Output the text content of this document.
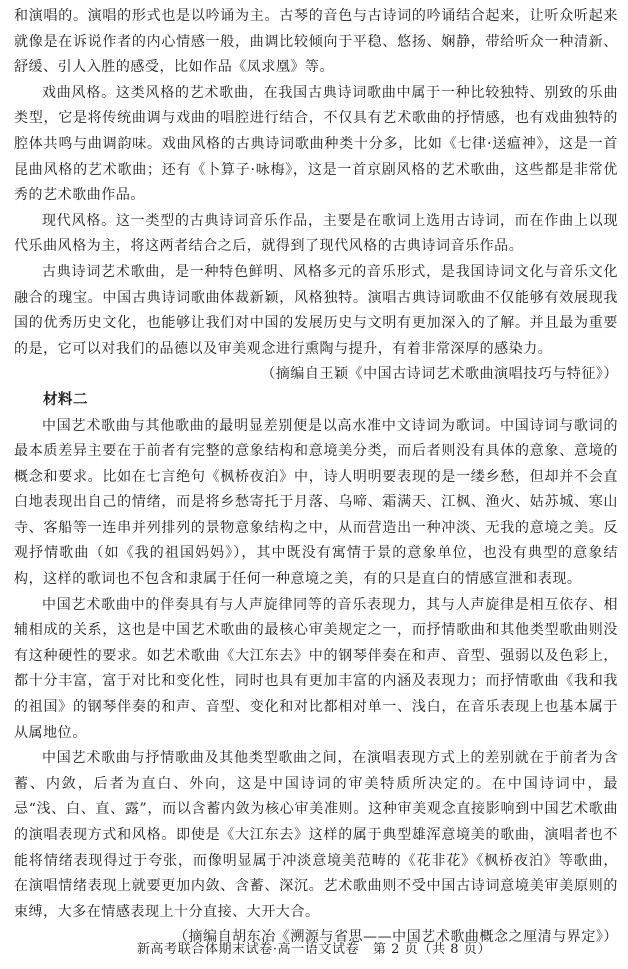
和演唱的。演唱的形式也是以吟诵为主。古琴的音色与古诗词的吟诵结合起来，让听众听起来就像是在诉说作者的内心情感一般，曲调比较倾向于平稳、悠扬、娴静，带给听众一种清新、舒缓、引人入胜的感受，比如作品《凤求凰》等。

戏曲风格。这类风格的艺术歌曲，在我国古典诗词歌曲中属于一种比较独特、别致的乐曲类型，它是将传统曲调与戏曲的唱腔进行结合，不仅具有艺术歌曲的抒情感，也有戏曲独特的腔体共鸣与曲调韵味。戏曲风格的古典诗词歌曲种类十分多，比如《七律·送瘟神》，这是一首昆曲风格的艺术歌曲；还有《卜算子·咏梅》，这是一首京剧风格的艺术歌曲，这些都是非常优秀的艺术歌曲作品。

现代风格。这一类型的古典诗词音乐作品，主要是在歌词上选用古诗词，而在作曲上以现代乐曲风格为主，将这两者结合之后，就得到了现代风格的古典诗词音乐作品。

古典诗词艺术歌曲，是一种特色鲜明、风格多元的音乐形式，是我国诗词文化与音乐文化融合的瑰宝。中国古典诗词歌曲体裁新颖，风格独特。演唱古典诗词歌曲不仅能够有效展现我国的优秀历史文化，也能够让我们对中国的发展历史与文明有更加深入的了解。并且最为重要的是，它可以对我们的品德以及审美观念进行熏陶与提升，有着非常深厚的感染力。

（摘编自王颖《中国古诗词艺术歌曲演唱技巧与特征》）

材料二

中国艺术歌曲与其他歌曲的最明显差别便是以高水准中文诗词为歌词。中国诗词与歌词的最本质差异主要在于前者有完整的意象结构和意境美分类，而后者则没有具体的意象、意境的概念和要求。比如在七言绝句《枫桥夜泊》中，诗人明明要表现的是一缕乡愁，但却并不会直白地表现出自己的情绪，而是将乡愁寄托于月落、乌啼、霜满天、江枫、渔火、姑苏城、寒山寺、客船等一连串并列排列的景物意象结构之中，从而营造出一种冲淡、无我的意境之美。反观抒情歌曲（如《我的祖国妈妈》），其中既没有寓情于景的意象单位，也没有典型的意象结构，这样的歌词也不包含和隶属于任何一种意境之美，有的只是直白的情感宣泄和表现。

中国艺术歌曲中的伴奏具有与人声旋律同等的音乐表现力，其与人声旋律是相互依存、相辅相成的关系，这也是中国艺术歌曲的最核心审美规定之一，而抒情歌曲和其他类型歌曲则没有这种硬性的要求。如艺术歌曲《大江东去》中的钢琴伴奏在和声、音型、强弱以及色彩上，都十分丰富，富于对比和变化性，同时也具有更加丰富的内涵及表现力；而抒情歌曲《我和我的祖国》的钢琴伴奏的和声、音型、变化和对比都相对单一、浅白，在音乐表现上也基本属于从属地位。

中国艺术歌曲与抒情歌曲及其他类型歌曲之间，在演唱表现方式上的差别就在于前者为含蓄、内敛，后者为直白、外向，这是中国诗词的审美特质所决定的。在中国诗词中，最忌“浅、白、直、露”，而以含蓄内敛为核心审美准则。这种审美观念直接影响到中国艺术歌曲的演唱表现方式和风格。即使是《大江东去》这样的属于典型雄浑意境美的歌曲，演唱者也不能将情绪表现得过于夸张，而像明显属于冲淡意境美范畴的《花非花》《枫桥夜泊》等歌曲，在演唱情绪表现上就要更加内敛、含蓄、深沉。艺术歌曲则不受中国古诗词意境美审美原则的束缚，大多在情感表现上十分直接、大开大合。

（摘编自胡东冶《溯源与省思——中国艺术歌曲概念之厘清与界定》）

新高考联合体期末试卷·高一语文试卷　第 2 页（共 8 页）
